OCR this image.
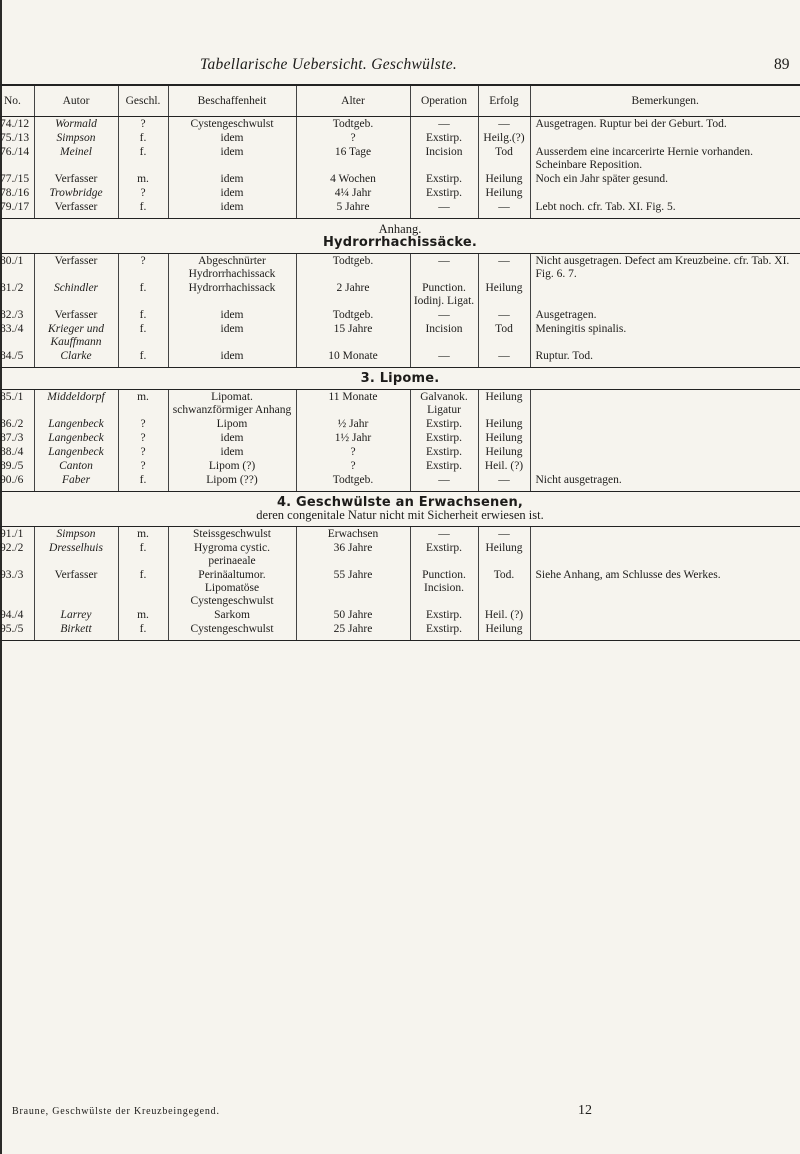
Tabellarische Uebersicht. Geschwülste.	89
No.	Autor	Geschl.	Beschaffenheit	Alter	Operation	Erfolg	Bemerkungen.
74./12	Wormald	?	Cystengeschwulst	Todtgeb.	—	—	Ausgetragen. Ruptur bei der Geburt. Tod.
75./13	Simpson	f.	idem	?	Exstirp.	Heilg.(?)	
76./14	Meinel	f.	idem	16 Tage	Incision	Tod	Ausserdem eine incarcerirte Hernie vorhanden. Scheinbare Reposition.
77./15	Verfasser	m.	idem	4 Wochen	Exstirp.	Heilung	Noch ein Jahr später gesund.
78./16	Trowbridge	?	idem	4¼ Jahr	Exstirp.	Heilung	
79./17	Verfasser	f.	idem	5 Jahre	—	—	Lebt noch. cfr. Tab. XI. Fig. 5.

Anhang.
Hydrorrhachissäcke.							

80./1	Verfasser	?	Abgeschnürter Hydrorrhachissack	Todtgeb.	—	—	Nicht ausgetragen. Defect am Kreuzbeine. cfr. Tab. XI. Fig. 6. 7.
81./2	Schindler	f.	Hydrorrhachissack	2 Jahre	Punction. Iodinj. Ligat.	Heilung	
82./3	Verfasser	f.	idem	Todtgeb.	—	—	Ausgetragen.
83./4	Krieger und Kauffmann	f.	idem	15 Jahre	Incision	Tod	Meningitis spinalis.
84./5	Clarke	f.	idem	10 Monate	—	—	Ruptur. Tod.

3. Lipome.							

85./1	Middeldorpf	m.	Lipomat. schwanzförmiger Anhang	11 Monate	Galvanok. Ligatur	Heilung	
86./2	Langenbeck	?	Lipom	½ Jahr	Exstirp.	Heilung	
87./3	Langenbeck	?	idem	1½ Jahr	Exstirp.	Heilung	
88./4	Langenbeck	?	idem	?	Exstirp.	Heilung	
89./5	Canton	?	Lipom (?)	?	Exstirp.	Heil. (?)	
90./6	Faber	f.	Lipom (??)	Todtgeb.	—	—	Nicht ausgetragen.

4. Geschwülste an Erwachsenen,
deren congenitale Natur nicht mit Sicherheit erwiesen ist.							

91./1	Simpson	m.	Steissgeschwulst	Erwachsen	—	—	
92./2	Dresselhuis	f.	Hygroma cystic. perinaeale	36 Jahre	Exstirp.	Heilung	
93./3	Verfasser	f.	Perinäaltumor. Lipomatöse Cystengeschwulst	55 Jahre	Punction. Incision.	Tod.	Siehe Anhang, am Schlusse des Werkes.
94./4	Larrey	m.	Sarkom	50 Jahre	Exstirp.	Heil. (?)	
95./5	Birkett	f.	Cystengeschwulst	25 Jahre	Exstirp.	Heilung	
Braune, Geschwülste der Kreuzbeingegend.	12
